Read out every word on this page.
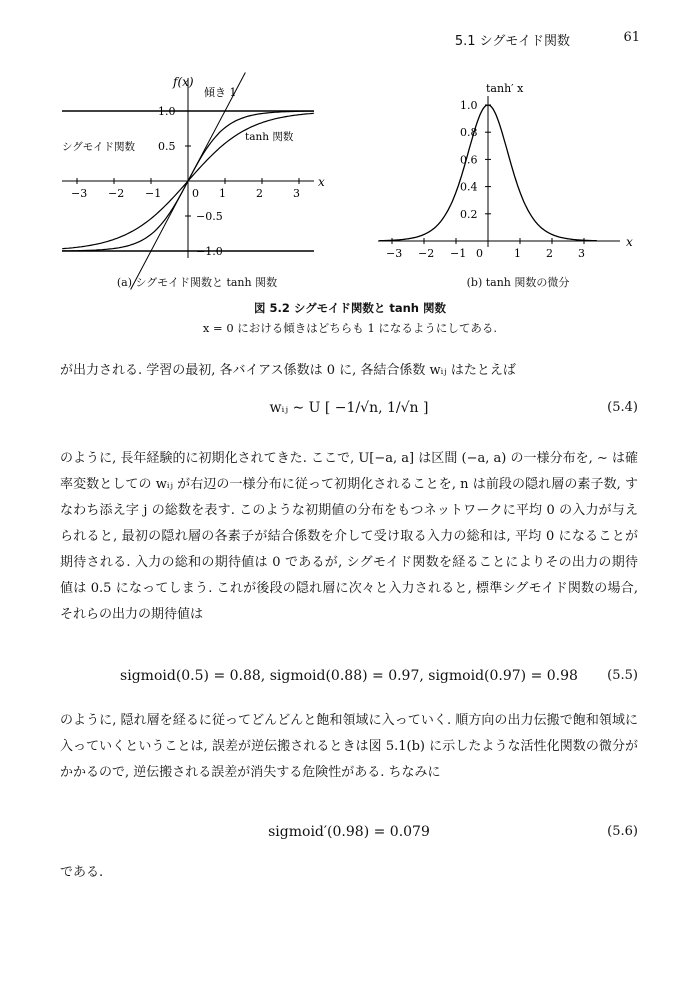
5.1 シグモイド関数	61
−3 −2 −1	0 1	2	3
1.0
0.5
−0.5
−1.0
f(x)
x
傾き 1
シグモイド関数
tanh 関数
(a) シグモイド関数と tanh 関数
−3 −2 −1 0	1 2 3
1.0
0.8
0.6
0.4
0.2
tanh′ x
x
(b) tanh 関数の微分
図 5.2 シグモイド関数と tanh 関数
x = 0 における傾きはどちらも 1 になるようにしてある.
が出力される. 学習の最初, 各バイアス係数は 0 に, 各結合係数 wᵢⱼ はたとえば
wᵢⱼ ∼ U [ −1/√n, 1/√n ]	(5.4)
のように, 長年経験的に初期化されてきた. ここで, U[−a, a] は区間 (−a, a) の一様分布を, ∼ は確率変数としての wᵢⱼ が右辺の一様分布に従って初期化されることを, n は前段の隠れ層の素子数, すなわち添え字 j の総数を表す. このような初期値の分布をもつネットワークに平均 0 の入力が与えられると, 最初の隠れ層の各素子が結合係数を介して受け取る入力の総和は, 平均 0 になることが期待される. 入力の総和の期待値は 0 であるが, シグモイド関数を経ることによりその出力の期待値は 0.5 になってしまう. これが後段の隠れ層に次々と入力されると, 標準シグモイド関数の場合, それらの出力の期待値は
sigmoid(0.5) = 0.88, sigmoid(0.88) = 0.97, sigmoid(0.97) = 0.98	(5.5)
のように, 隠れ層を経るに従ってどんどんと飽和領域に入っていく. 順方向の出力伝搬で飽和領域に入っていくということは, 誤差が逆伝搬されるときは図 5.1(b) に示したような活性化関数の微分がかかるので, 逆伝搬される誤差が消失する危険性がある. ちなみに
sigmoid′(0.98) = 0.079	(5.6)
である.
